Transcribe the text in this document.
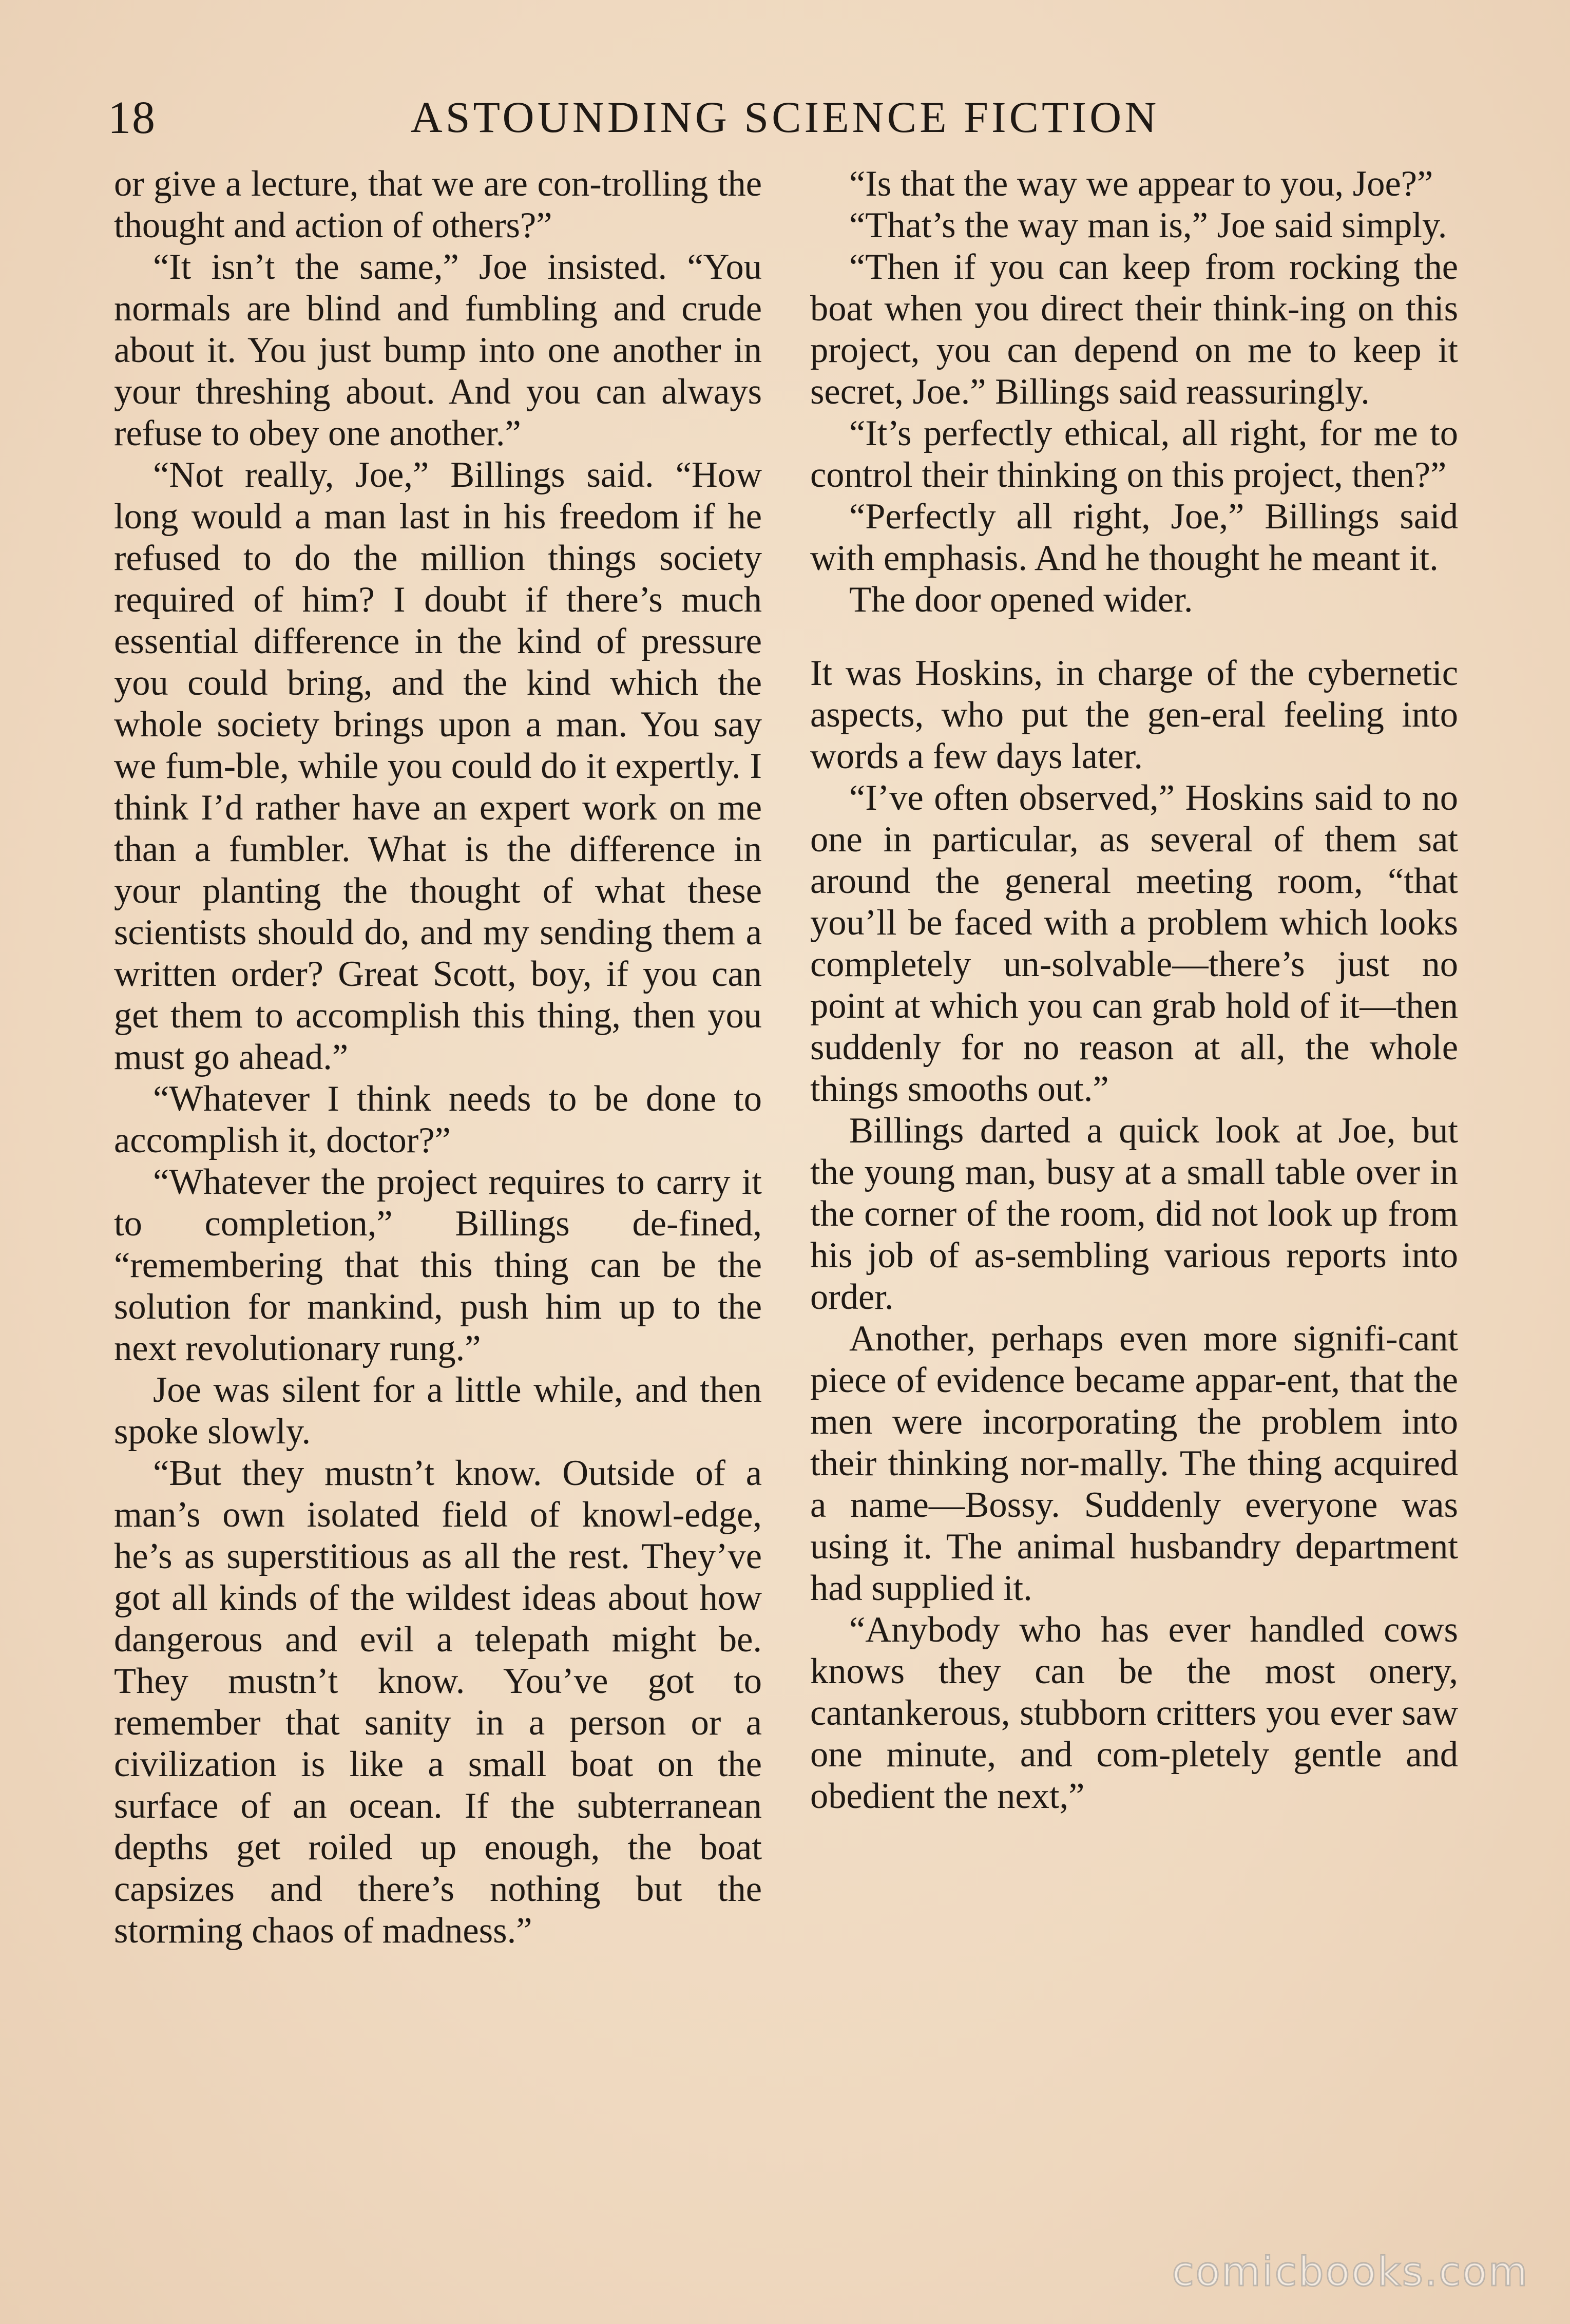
18	ASTOUNDING SCIENCE FICTION

or give a lecture, that we are con-trolling the thought and action of others?”

“It isn’t the same,” Joe insisted. “You normals are blind and fumbling and crude about it. You just bump into one another in your threshing about. And you can always refuse to obey one another.”

“Not really, Joe,” Billings said. “How long would a man last in his freedom if he refused to do the million things society required of him? I doubt if there’s much essential difference in the kind of pressure you could bring, and the kind which the whole society brings upon a man. You say we fum-ble, while you could do it expertly. I think I’d rather have an expert work on me than a fumbler. What is the difference in your planting the thought of what these scientists should do, and my sending them a written order? Great Scott, boy, if you can get them to accomplish this thing, then you must go ahead.”

“Whatever I think needs to be done to accomplish it, doctor?”

“Whatever the project requires to carry it to completion,” Billings de-fined, “remembering that this thing can be the solution for mankind, push him up to the next revolutionary rung.”

Joe was silent for a little while, and then spoke slowly.

“But they mustn’t know. Outside of a man’s own isolated field of knowl-edge, he’s as superstitious as all the rest. They’ve got all kinds of the wildest ideas about how dangerous and evil a telepath might be. They mustn’t know. You’ve got to remember that sanity in a person or a civilization is like a small boat on the surface of an ocean. If the subterranean depths get roiled up enough, the boat capsizes and there’s nothing but the storming chaos of madness.”

“Is that the way we appear to you, Joe?”

“That’s the way man is,” Joe said simply.

“Then if you can keep from rocking the boat when you direct their think-ing on this project, you can depend on me to keep it secret, Joe.” Billings said reassuringly.

“It’s perfectly ethical, all right, for me to control their thinking on this project, then?”

“Perfectly all right, Joe,” Billings said with emphasis. And he thought he meant it.

The door opened wider.

It was Hoskins, in charge of the cybernetic aspects, who put the gen-eral feeling into words a few days later.

“I’ve often observed,” Hoskins said to no one in particular, as several of them sat around the general meeting room, “that you’ll be faced with a problem which looks completely un-solvable—there’s just no point at which you can grab hold of it—then suddenly for no reason at all, the whole things smooths out.”

Billings darted a quick look at Joe, but the young man, busy at a small table over in the corner of the room, did not look up from his job of as-sembling various reports into order.

Another, perhaps even more signifi-cant piece of evidence became appar-ent, that the men were incorporating the problem into their thinking nor-mally. The thing acquired a name—Bossy. Suddenly everyone was using it. The animal husbandry department had supplied it.

“Anybody who has ever handled cows knows they can be the most onery, cantankerous, stubborn critters you ever saw one minute, and com-pletely gentle and obedient the next,”

comicbooks.com
